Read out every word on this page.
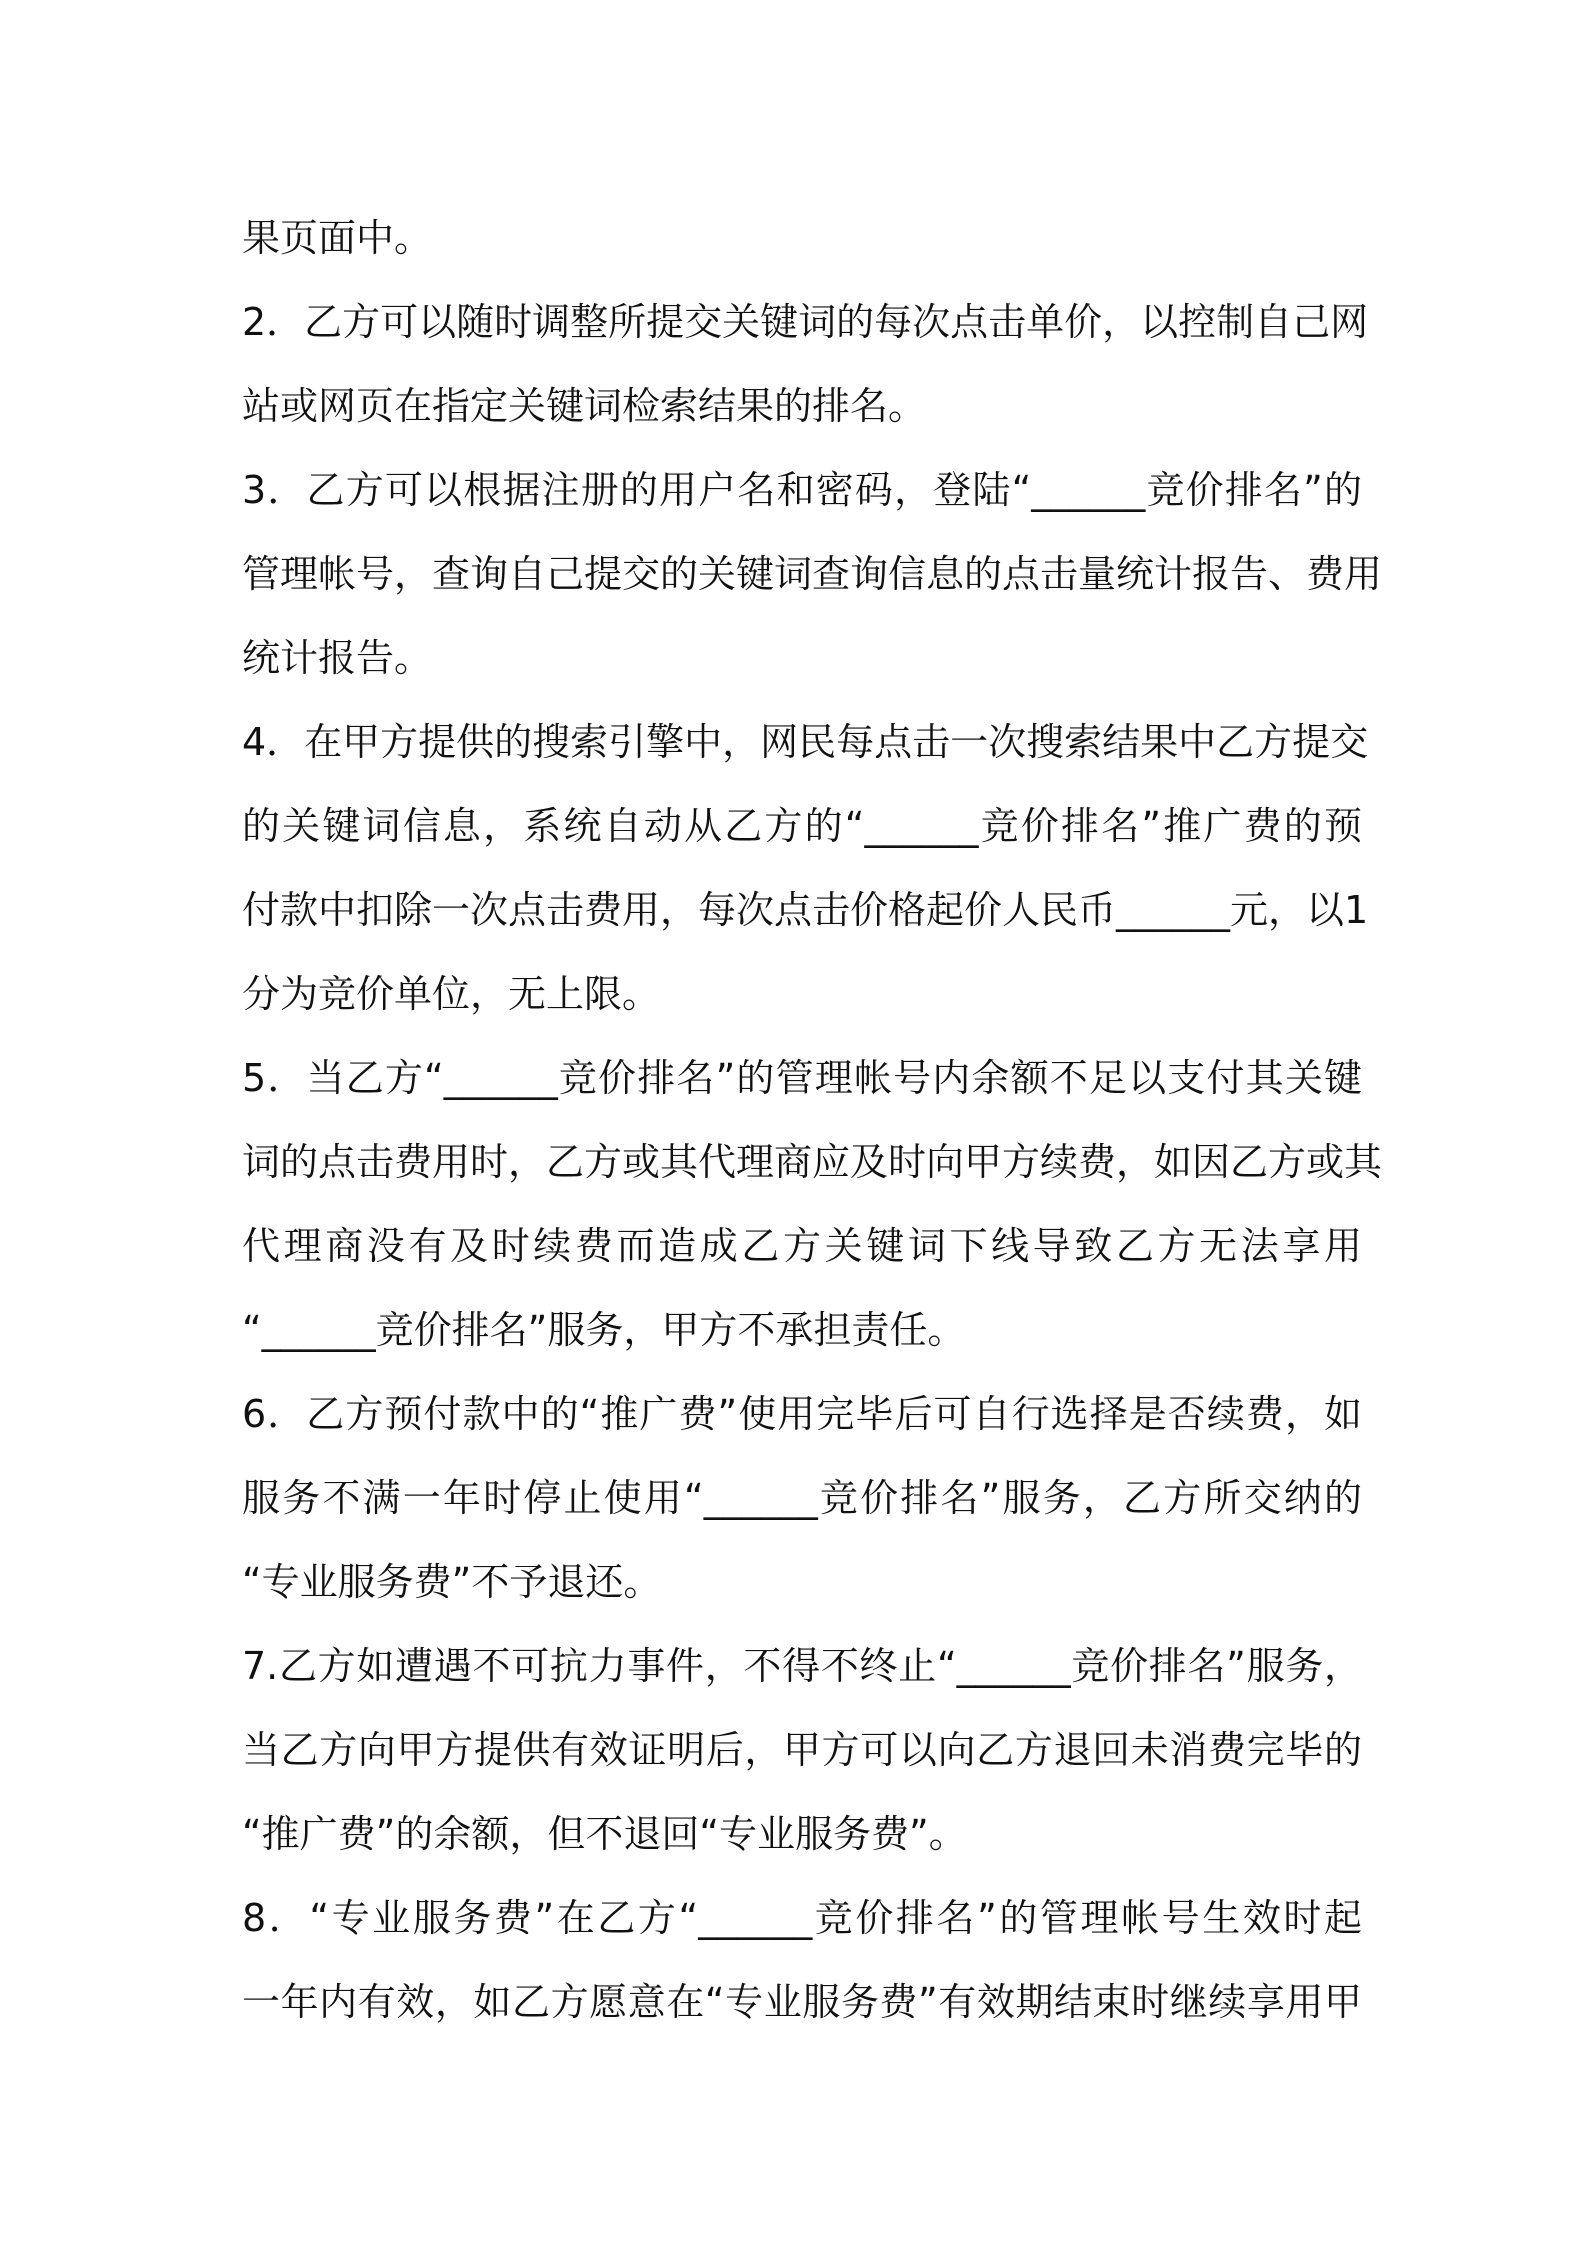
果页面中。
2．乙方可以随时调整所提交关键词的每次点击单价，以控制自己网
站或网页在指定关键词检索结果的排名。
3．乙方可以根据注册的用户名和密码，登陆“______竞价排名”的
管理帐号，查询自己提交的关键词查询信息的点击量统计报告、费用
统计报告。
4．在甲方提供的搜索引擎中，网民每点击一次搜索结果中乙方提交
的关键词信息，系统自动从乙方的“______竞价排名”推广费的预
付款中扣除一次点击费用，每次点击价格起价人民币______元，以1
分为竞价单位，无上限。
5．当乙方“______竞价排名”的管理帐号内余额不足以支付其关键
词的点击费用时，乙方或其代理商应及时向甲方续费，如因乙方或其
代理商没有及时续费而造成乙方关键词下线导致乙方无法享用
“______竞价排名”服务，甲方不承担责任。
6．乙方预付款中的“推广费”使用完毕后可自行选择是否续费，如
服务不满一年时停止使用“______竞价排名”服务，乙方所交纳的
“专业服务费”不予退还。
7.乙方如遭遇不可抗力事件，不得不终止“______竞价排名”服务，
当乙方向甲方提供有效证明后，甲方可以向乙方退回未消费完毕的
“推广费”的余额，但不退回“专业服务费”。
8．“专业服务费”在乙方“______竞价排名”的管理帐号生效时起
一年内有效，如乙方愿意在“专业服务费”有效期结束时继续享用甲
